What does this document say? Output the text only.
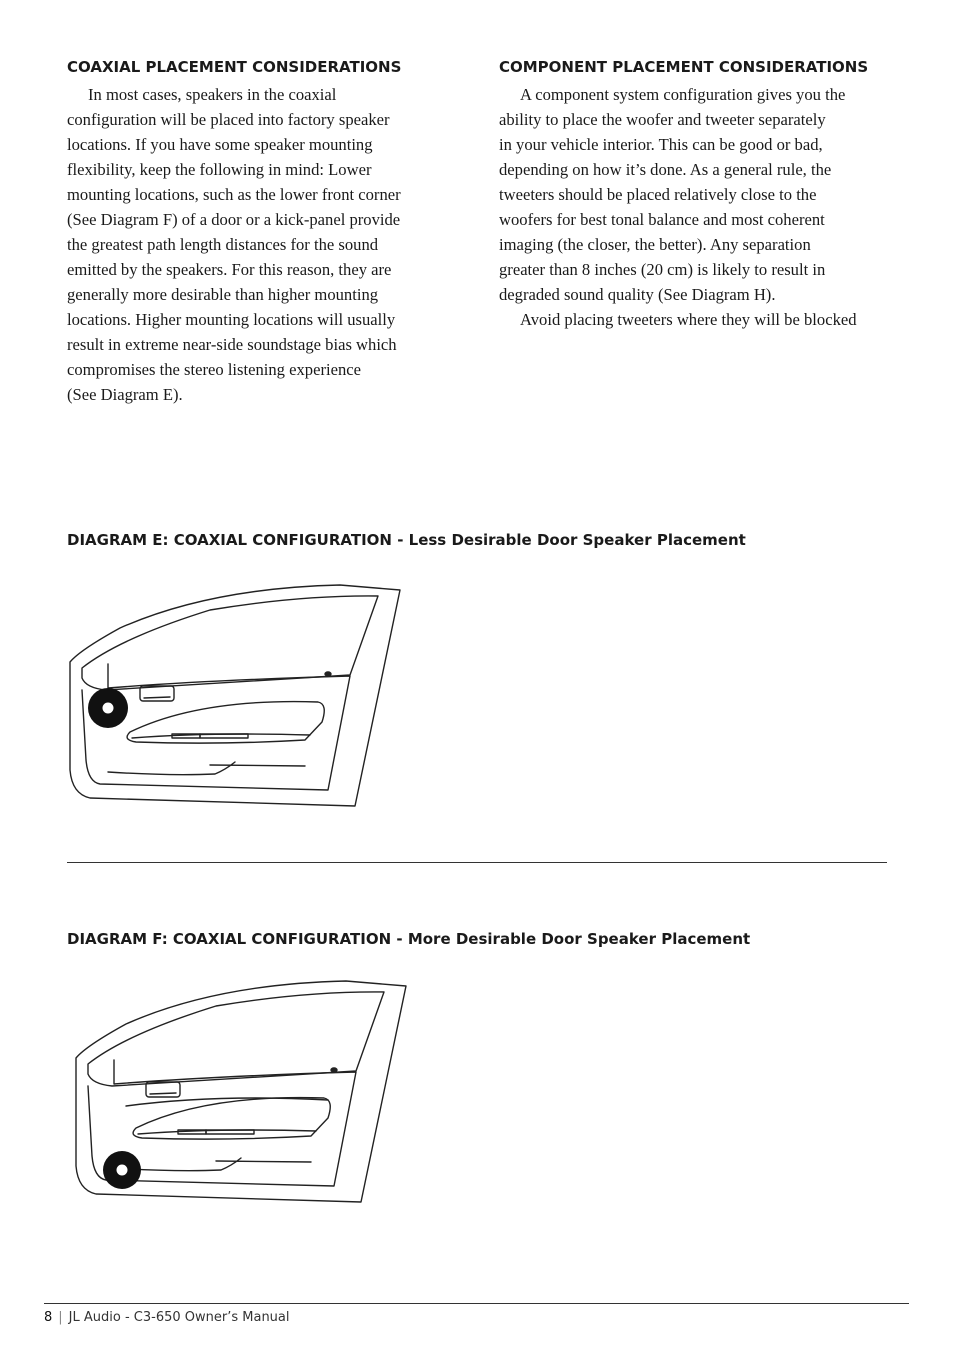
COAXIAL PLACEMENT CONSIDERATIONS
In most cases, speakers in the coaxial
configuration will be placed into factory speaker
locations. If you have some speaker mounting
flexibility, keep the following in mind: Lower
mounting locations, such as the lower front corner
(See Diagram F) of a door or a kick-panel provide
the greatest path length distances for the sound
emitted by the speakers. For this reason, they are
generally more desirable than higher mounting
locations. Higher mounting locations will usually
result in extreme near-side soundstage bias which
compromises the stereo listening experience
(See Diagram E).
COMPONENT PLACEMENT CONSIDERATIONS
A component system configuration gives you the
ability to place the woofer and tweeter separately
in your vehicle interior. This can be good or bad,
depending on how it’s done. As a general rule, the
tweeters should be placed relatively close to the
woofers for best tonal balance and most coherent
imaging (the closer, the better). Any separation
greater than 8 inches (20 cm) is likely to result in
degraded sound quality (See Diagram H).
Avoid placing tweeters where they will be blocked
DIAGRAM E: COAXIAL CONFIGURATION - Less Desirable Door Speaker Placement
DIAGRAM F: COAXIAL CONFIGURATION - More Desirable Door Speaker Placement
8 | JL Audio - C3-650 Owner’s Manual
